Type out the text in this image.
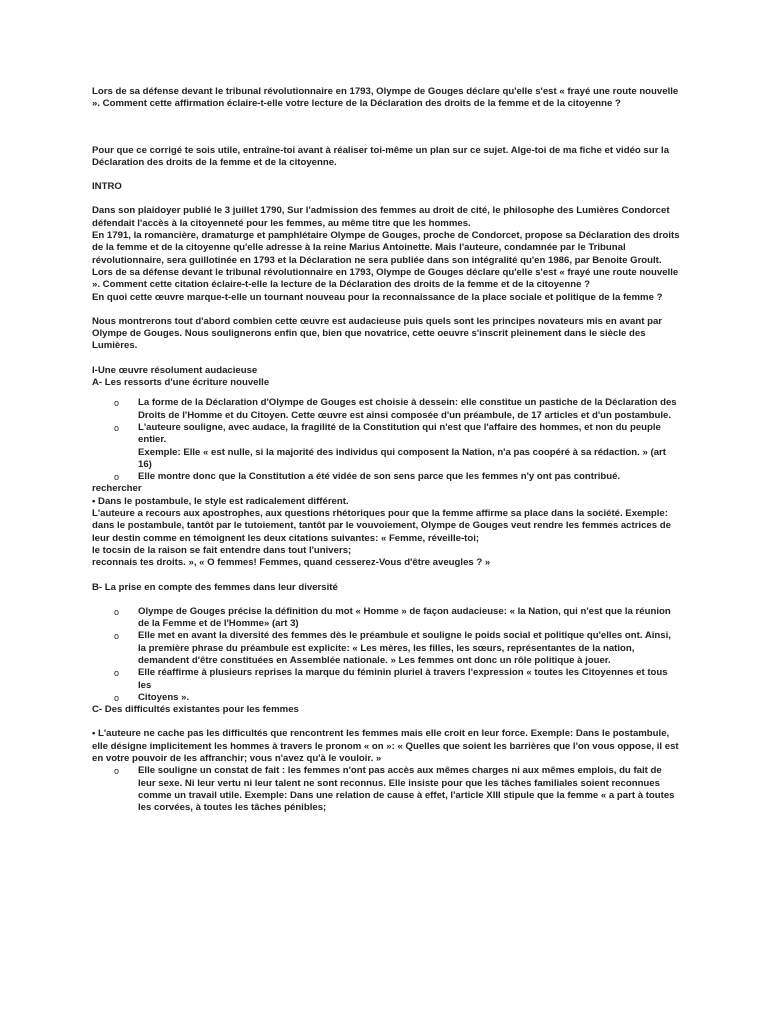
Lors de sa défense devant le tribunal révolutionnaire en 1793, Olympe de Gouges déclare qu'elle s'est « frayé une route nouvelle ». Comment cette affirmation éclaire-t-elle votre lecture de la Déclaration des droits de la femme et de la citoyenne ?

Pour que ce corrigé te sois utile, entraîne-toi avant à réaliser toi-même un plan sur ce sujet. Alge-toi de ma fiche et vidéo sur la Déclaration des droits de la femme et de la citoyenne.

INTRO

Dans son plaidoyer publié le 3 juillet 1790, Sur l'admission des femmes au droit de cité, le philosophe des Lumières Condorcet défendait l'accès à la citoyenneté pour les femmes, au même titre que les hommes.

En 1791, la romancière, dramaturge et pamphlétaire Olympe de Gouges, proche de Condorcet, propose sa Déclaration des droits de la femme et de la citoyenne qu'elle adresse à la reine Marius Antoinette. Mais l'auteure, condamnée par le Tribunal révolutionnaire, sera guillotinée en 1793 et la Déclaration ne sera publiée dans son intégralité qu'en 1986, par Benoite Groult.

Lors de sa défense devant le tribunal révolutionnaire en 1793, Olympe de Gouges déclare qu'elle s'est « frayé une route nouvelle ». Comment cette citation éclaire-t-elle la lecture de la Déclaration des droits de la femme et de la citoyenne ?

En quoi cette œuvre marque-t-elle un tournant nouveau pour la reconnaissance de la place sociale et politique de la femme ?

Nous montrerons tout d'abord combien cette œuvre est audacieuse puis quels sont les principes novateurs mis en avant par Olympe de Gouges. Nous soulignerons enfin que, bien que novatrice, cette oeuvre s'inscrit pleinement dans le siècle des Lumières.

I-Une œuvre résolument audacieuse

A- Les ressorts d'une écriture nouvelle

o La forme de la Déclaration d'Olympe de Gouges est choisie à dessein: elle constitue un pastiche de la Déclaration des Droits de l'Homme et du Citoyen. Cette œuvre est ainsi composée d'un préambule, de 17 articles et d'un postambule.
o L'auteure souligne, avec audace, la fragilité de la Constitution qui n'est que l'affaire des hommes, et non du peuple entier.
Exemple: Elle « est nulle, si la majorité des individus qui composent la Nation, n'a pas coopéré à sa rédaction. » (art 16)
o Elle montre donc que la Constitution a été vidée de son sens parce que les femmes n'y ont pas contribué.

rechercher

• Dans le postambule, le style est radicalement différent.

L'auteure a recours aux apostrophes, aux questions rhétoriques pour que la femme affirme sa place dans la société. Exemple: dans le postambule, tantôt par le tutoiement, tantôt par le vouvoiement, Olympe de Gouges veut rendre les femmes actrices de leur destin comme en témoignent les deux citations suivantes: « Femme, réveille-toi;

le tocsin de la raison se fait entendre dans tout l'univers;

reconnais tes droits. », « O femmes! Femmes, quand cesserez-Vous d'être aveugles ? »

B- La prise en compte des femmes dans leur diversité

o Olympe de Gouges précise la définition du mot « Homme » de façon audacieuse: « la Nation, qui n'est que la réunion de la Femme et de l'Homme» (art 3)
o Elle met en avant la diversité des femmes dès le préambule et souligne le poids social et politique qu'elles ont. Ainsi, la première phrase du préambule est explicite: « Les mères, les filles, les sœurs, représentantes de la nation, demandent d'être constituées en Assemblée nationale. » Les femmes ont donc un rôle politique à jouer.
o Elle réaffirme à plusieurs reprises la marque du féminin pluriel à travers l'expression « toutes les Citoyennes et tous les
o Citoyens ».

C- Des difficultés existantes pour les femmes

• L'auteure ne cache pas les difficultés que rencontrent les femmes mais elle croit en leur force. Exemple: Dans le postambule, elle désigne implicitement les hommes à travers le pronom « on »: « Quelles que soient les barrières que l'on vous oppose, il est en votre pouvoir de les affranchir; vous n'avez qu'à le vouloir. »

o Elle souligne un constat de fait : les femmes n'ont pas accès aux mêmes charges ni aux mêmes emplois, du fait de leur sexe. Ni leur vertu ni leur talent ne sont reconnus. Elle insiste pour que les tâches familiales soient reconnues comme un travail utile. Exemple: Dans une relation de cause à effet, l'article XIII stipule que la femme « a part à toutes les corvées, à toutes les tâches pénibles;
